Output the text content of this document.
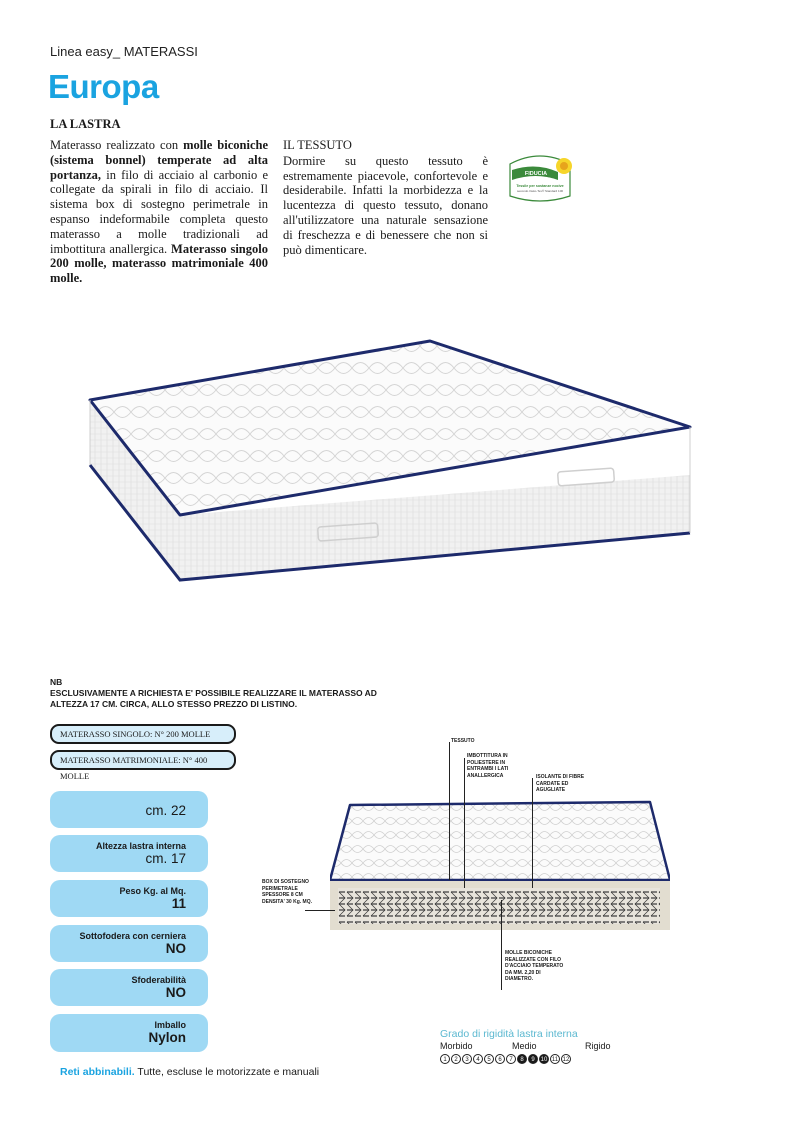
Linea easy_ MATERASSI
Europa
LA LASTRA
Materasso realizzato con molle biconiche (sistema bonnel) temperate ad alta portanza, in filo di acciaio al carbonio e collegate da spirali in filo di acciaio. Il sistema box di sostegno perimetrale in espanso indeformabile completa questo materasso a molle tradizionali ad imbottitura anallergica. Materasso singolo 200 molle, materasso matrimoniale 400 molle.
IL TESSUTO
Dormire su questo tessuto è estremamente piacevole, confortevole e desiderabile. Infatti la morbidezza e la lucentezza di questo tessuto, donano all'utilizzatore una naturale sensazione di freschezza e di benessere che non si può dimenticare.
FIDUCIA
NEL TESSILE
Tessile per sostanze nocive
secondo Oeko-Tex® Standard 100
NB
ESCLUSIVAMENTE A RICHIESTA E' POSSIBILE REALIZZARE IL MATERASSO AD
ALTEZZA 17 CM. CIRCA, ALLO STESSO PREZZO DI LISTINO.
MATERASSO SINGOLO: N° 200 MOLLE
MATERASSO MATRIMONIALE: N° 400 MOLLE
cm. 22
Altezza lastra interna
cm. 17
Peso Kg. al Mq.
11
Sottofodera con cerniera
NO
Sfoderabilità
NO
Imballo
Nylon
Reti abbinabili. Tutte, escluse le motorizzate e manuali
TESSUTO
IMBOTTITURA IN POLIESTERE IN ENTRAMBI I LATI ANALLERGICA	ISOLANTE DI FIBRE CARDATE ED AGUGLIATE
BOX DI SOSTEGNO PERIMETRALE SPESSORE 8 CM DENSITA' 30 Kg. MQ.
MOLLE BICONICHE REALIZZATE CON FILO D'ACCIAIO TEMPERATO DA MM. 2,20 DI DIAMETRO.
Grado di rigidità lastra interna
Morbido	Medio	Rigido
1	2	3	4	5	6	7	8	9 10 11 12
